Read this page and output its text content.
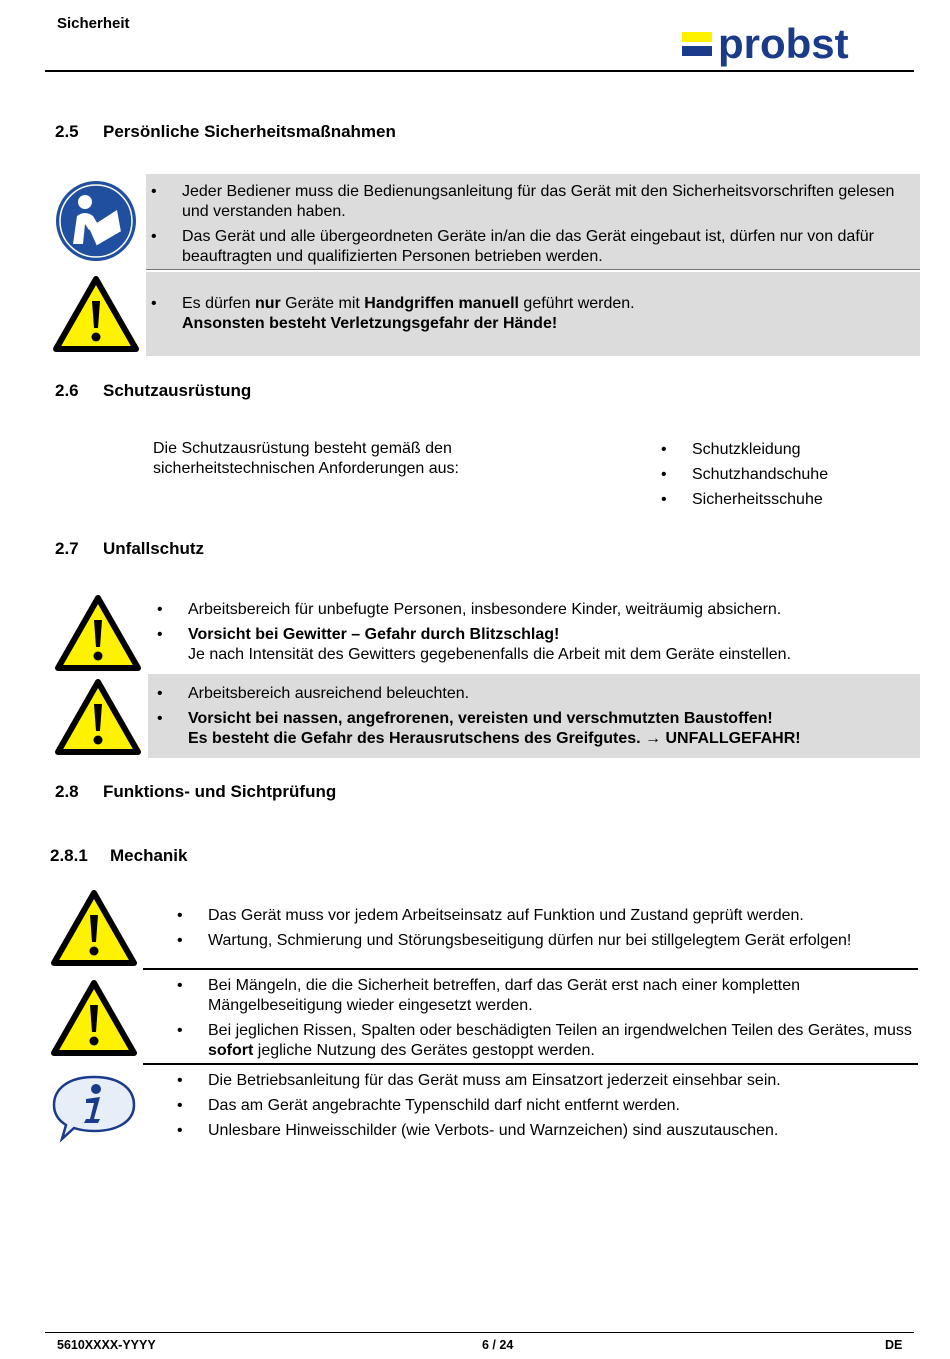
Sicherheit	probst
2.5 Persönliche Sicherheitsmaßnahmen
• Jeder Bediener muss die Bedienungsanleitung für das Gerät mit den Sicherheitsvorschriften gelesen und verstanden haben.
• Das Gerät und alle übergeordneten Geräte in/an die das Gerät eingebaut ist, dürfen nur von dafür beauftragten und qualifizierten Personen betrieben werden.
• Es dürfen nur Geräte mit Handgriffen manuell geführt werden.
Ansonsten besteht Verletzungsgefahr der Hände!
2.6 Schutzausrüstung
Die Schutzausrüstung besteht gemäß den sicherheitstechnischen Anforderungen aus:
• Schutzkleidung
• Schutzhandschuhe
• Sicherheitsschuhe
2.7 Unfallschutz
• Arbeitsbereich für unbefugte Personen, insbesondere Kinder, weiträumig absichern.
• Vorsicht bei Gewitter – Gefahr durch Blitzschlag!
Je nach Intensität des Gewitters gegebenenfalls die Arbeit mit dem Geräte einstellen.
• Arbeitsbereich ausreichend beleuchten.
• Vorsicht bei nassen, angefrorenen, vereisten und verschmutzten Baustoffen!
Es besteht die Gefahr des Herausrutschens des Greifgutes. → UNFALLGEFAHR!
2.8 Funktions- und Sichtprüfung
2.8.1 Mechanik
• Das Gerät muss vor jedem Arbeitseinsatz auf Funktion und Zustand geprüft werden.
• Wartung, Schmierung und Störungsbeseitigung dürfen nur bei stillgelegtem Gerät erfolgen!
• Bei Mängeln, die die Sicherheit betreffen, darf das Gerät erst nach einer kompletten Mängelbeseitigung wieder eingesetzt werden.
• Bei jeglichen Rissen, Spalten oder beschädigten Teilen an irgendwelchen Teilen des Gerätes, muss sofort jegliche Nutzung des Gerätes gestoppt werden.
• Die Betriebsanleitung für das Gerät muss am Einsatzort jederzeit einsehbar sein.
• Das am Gerät angebrachte Typenschild darf nicht entfernt werden.
• Unlesbare Hinweisschilder (wie Verbots- und Warnzeichen) sind auszutauschen.
5610XXXX-YYYY	6 / 24	DE
